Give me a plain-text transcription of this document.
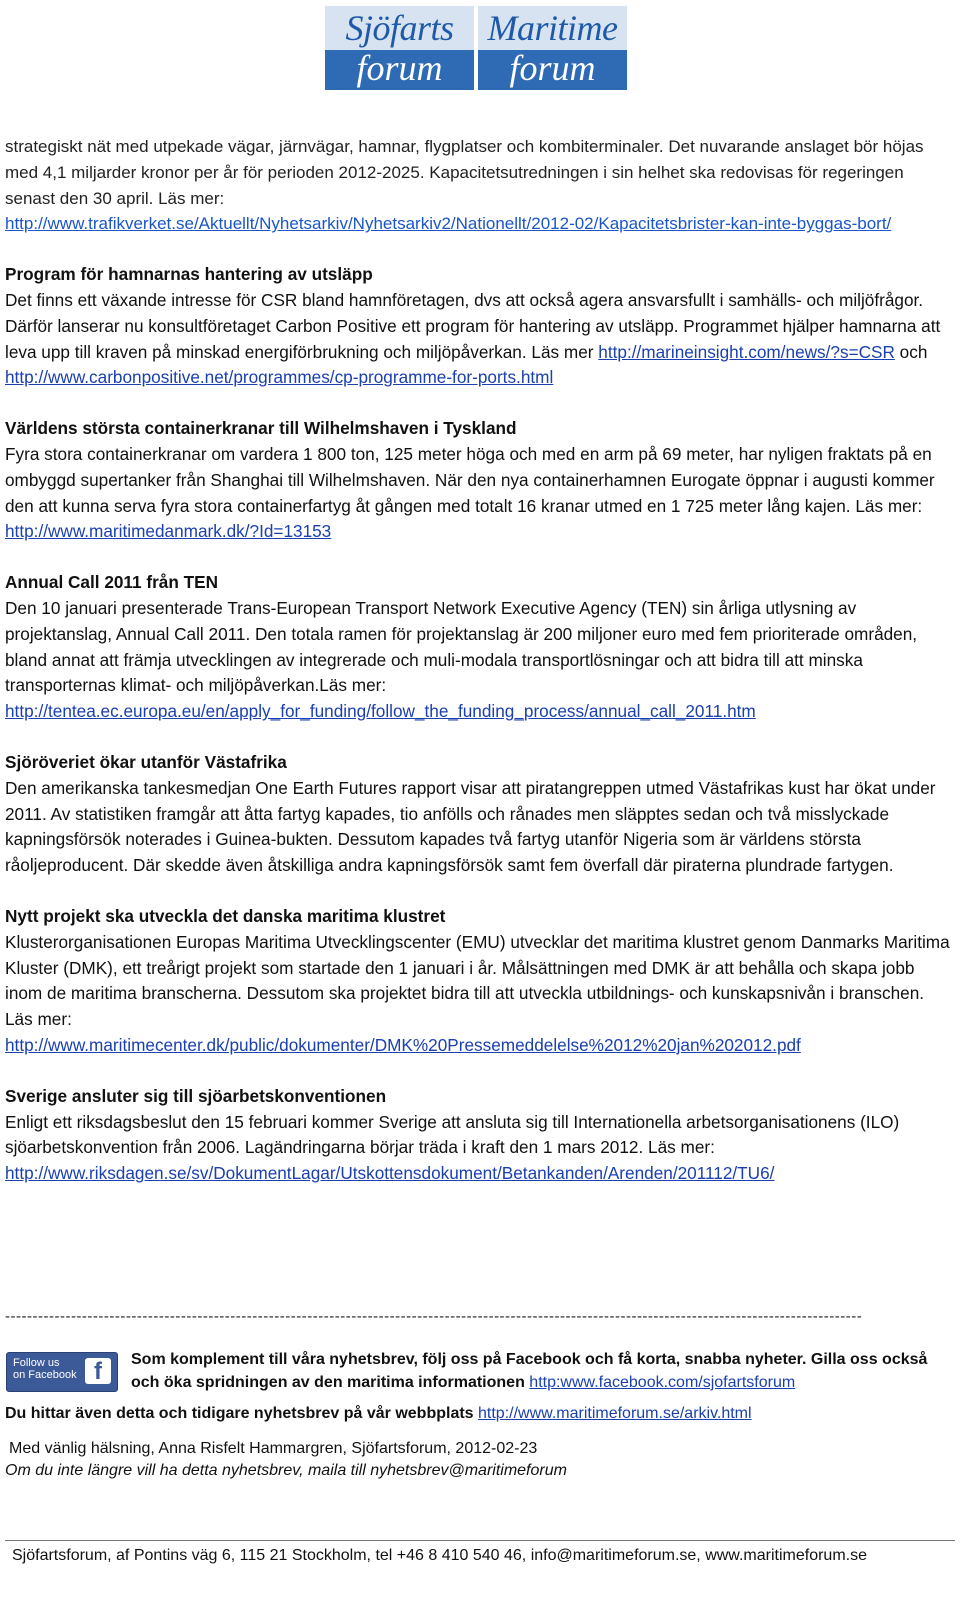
Sjöfarts
forum
Maritime
forum

strategiskt nät med utpekade vägar, järnvägar, hamnar, flygplatser och kombiterminaler. Det nuvarande anslaget bör höjas med 4,1 miljarder kronor per år för perioden 2012-2025. Kapacitetsutredningen i sin helhet ska redovisas för regeringen senast den 30 april. Läs mer:
http://www.trafikverket.se/Aktuellt/Nyhetsarkiv/Nyhetsarkiv2/Nationellt/2012-02/Kapacitetsbrister-kan-inte-byggas-bort/

Program för hamnarnas hantering av utsläpp

Det finns ett växande intresse för CSR bland hamnföretagen, dvs att också agera ansvarsfullt i samhälls- och miljöfrågor. Därför lanserar nu konsultföretaget Carbon Positive ett program för hantering av utsläpp. Programmet hjälper hamnarna att leva upp till kraven på minskad energiförbrukning och miljöpåverkan. Läs mer http://marineinsight.com/news/?s=CSR och http://www.carbonpositive.net/programmes/cp-programme-for-ports.html

Världens största containerkranar till Wilhelmshaven i Tyskland

Fyra stora containerkranar om vardera 1 800 ton, 125 meter höga och med en arm på 69 meter, har nyligen fraktats på en ombyggd supertanker från Shanghai till Wilhelmshaven. När den nya containerhamnen Eurogate öppnar i augusti kommer den att kunna serva fyra stora containerfartyg åt gången med totalt 16 kranar utmed en 1 725 meter lång kajen. Läs mer: http://www.maritimedanmark.dk/?Id=13153

Annual Call 2011 från TEN

Den 10 januari presenterade Trans-European Transport Network Executive Agency (TEN) sin årliga utlysning av projektanslag, Annual Call 2011. Den totala ramen för projektanslag är 200 miljoner euro med fem prioriterade områden, bland annat att främja utvecklingen av integrerade och muli-modala transportlösningar och att bidra till att minska transporternas klimat- och miljöpåverkan.Läs mer:
http://tentea.ec.europa.eu/en/apply_for_funding/follow_the_funding_process/annual_call_2011.htm

Sjöröveriet ökar utanför Västafrika

Den amerikanska tankesmedjan One Earth Futures rapport visar att piratangreppen utmed Västafrikas kust har ökat under 2011. Av statistiken framgår att åtta fartyg kapades, tio anfölls och rånades men släpptes sedan och två misslyckade kapningsförsök noterades i Guinea-bukten. Dessutom kapades två fartyg utanför Nigeria som är världens största råoljeproducent. Där skedde även åtskilliga andra kapningsförsök samt fem överfall där piraterna plundrade fartygen.

Nytt projekt ska utveckla det danska maritima klustret

Klusterorganisationen Europas Maritima Utvecklingscenter (EMU) utvecklar det maritima klustret genom Danmarks Maritima Kluster (DMK), ett treårigt projekt som startade den 1 januari i år. Målsättningen med DMK är att behålla och skapa jobb inom de maritima branscherna. Dessutom ska projektet bidra till att utveckla utbildnings- och kunskapsnivån i branschen. Läs mer:
http://www.maritimecenter.dk/public/dokumenter/DMK%20Pressemeddelelse%2012%20jan%202012.pdf

Sverige ansluter sig till sjöarbetskonventionen

Enligt ett riksdagsbeslut den 15 februari kommer Sverige att ansluta sig till Internationella arbetsorganisationens (ILO) sjöarbetskonvention från 2006. Lagändringarna börjar träda i kraft den 1 mars 2012. Läs mer:
http://www.riksdagen.se/sv/DokumentLagar/Utskottensdokument/Betankanden/Arenden/201112/TU6/

------------------------------------------------------------------------------------------------------------------------------------------------------------
Follow us
on Facebook f	Som komplement till våra nyhetsbrev, följ oss på Facebook och få korta, snabba nyheter. Gilla oss också och öka spridningen av den maritima informationen http:www.facebook.com/sjofartsforum
Du hittar även detta och tidigare nyhetsbrev på vår webbplats http://www.maritimeforum.se/arkiv.html
Med vänlig hälsning, Anna Risfelt Hammargren, Sjöfartsforum, 2012-02-23
Om du inte längre vill ha detta nyhetsbrev, maila till nyhetsbrev@maritimeforum
Sjöfartsforum, af Pontins väg 6, 115 21 Stockholm, tel +46 8 410 540 46, info@maritimeforum.se, www.maritimeforum.se
